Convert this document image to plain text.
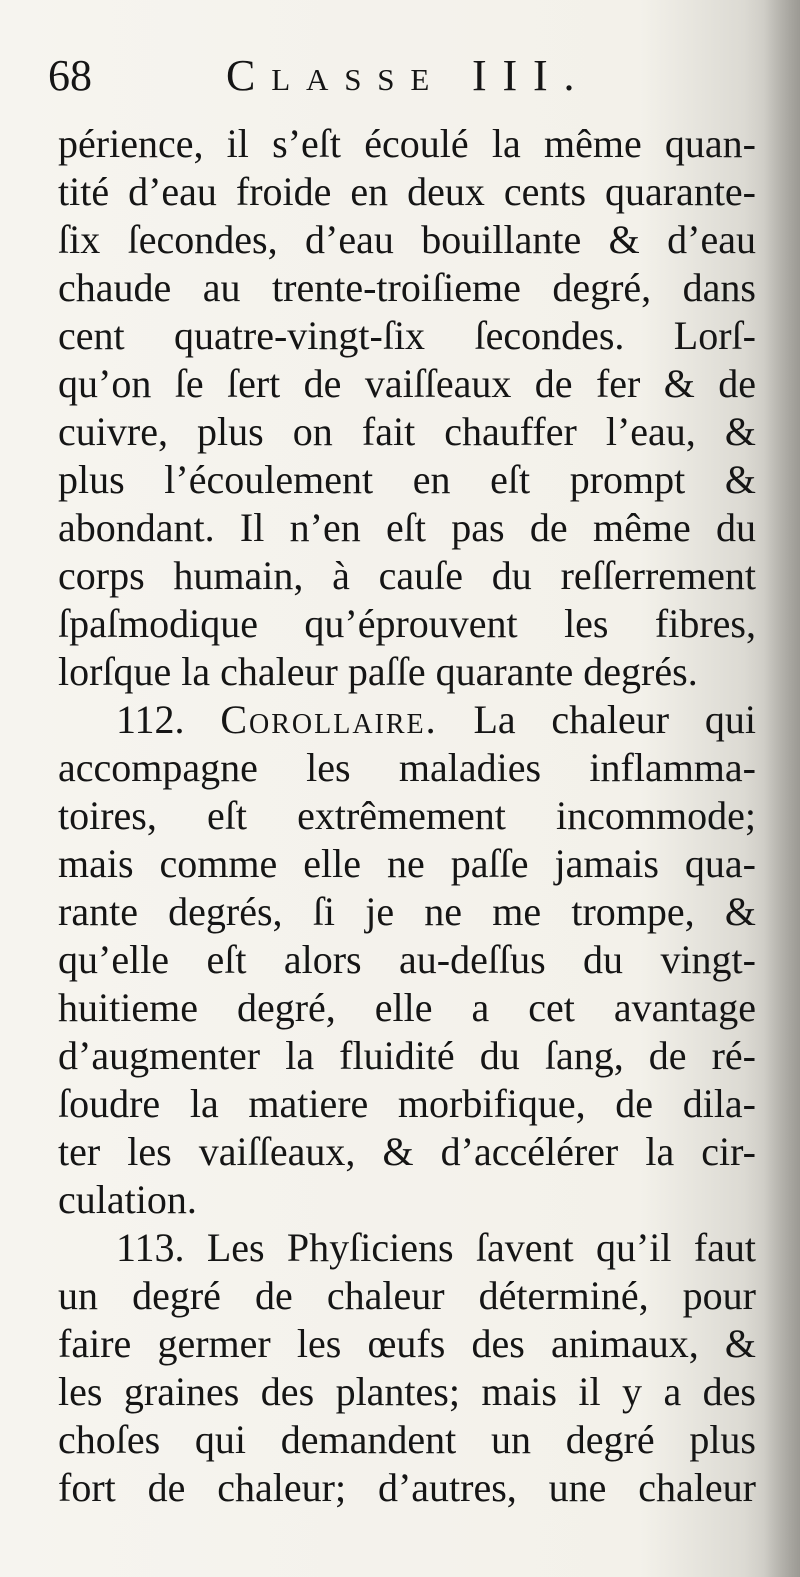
68	Classe III.
périence, il s’eſt écoulé la même quan-
tité d’eau froide en deux cents quarante-
ſix ſecondes, d’eau bouillante & d’eau
chaude au trente-troiſieme degré, dans
cent quatre-vingt-ſix ſecondes. Lorſ-
qu’on ſe ſert de vaiſſeaux de fer & de
cuivre, plus on fait chauffer l’eau, &
plus l’écoulement en eſt prompt &
abondant. Il n’en eſt pas de même du
corps humain, à cauſe du reſſerrement
ſpaſmodique qu’éprouvent les fibres,
lorſque la chaleur paſſe quarante degrés.
112. Corollaire. La chaleur qui
accompagne les maladies inflamma-
toires, eſt extrêmement incommode;
mais comme elle ne paſſe jamais qua-
rante degrés, ſi je ne me trompe, &
qu’elle eſt alors au-deſſus du vingt-
huitieme degré, elle a cet avantage
d’augmenter la fluidité du ſang, de ré-
ſoudre la matiere morbifique, de dila-
ter les vaiſſeaux, & d’accélérer la cir-
culation.
113. Les Phyſiciens ſavent qu’il faut
un degré de chaleur déterminé, pour
faire germer les œufs des animaux, &
les graines des plantes; mais il y a des
choſes qui demandent un degré plus
fort de chaleur; d’autres, une chaleur
